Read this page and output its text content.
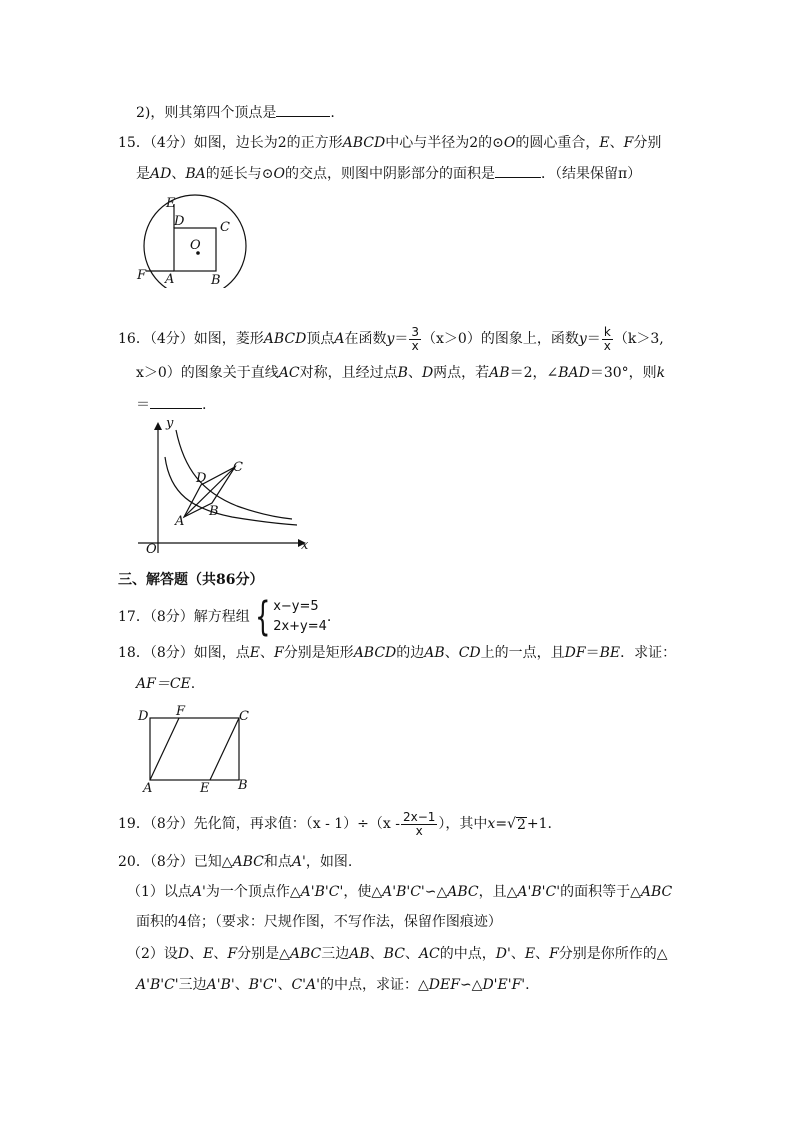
2)，则其第四个顶点是	.
15．（4分）如图，边长为2的正方形ABCD中心与半径为2的⊙O的圆心重合，E、F分别
是AD、BA的延长与⊙O的交点，则图中阴影部分的面积是	．（结果保留π）
E
D	C
O
F A	B
16．（4分）如图，菱形 ABCD 顶点 A 在函数 $y = \frac{3}{x} (x>0)$的图象上，函数 $y = \frac{k}{x} (k>3$,
x＞0）的图象关于直线AC对称，且经过点B、D两点，若AB＝2，∠BAD＝30°，则k
＝	.
y
D
C
B
A
O	x
三、解答题（共86分）
17．（8分）解方程组 { x−y=5
2x+y=4
.
18．（8分）如图，点E、F分别是矩形ABCD的边AB、CD上的一点，且DF＝BE．求证：
AF＝CE.
D F	C
A	E B
19．（8分）先化简，再求值：$(x - 1)\div(x - \frac{2x-1}{x}$ ），其中 x = √ 2 +1.
20．（8分）已知△ABC和点A'，如图.
（1）以点A'为一个顶点作△A'B'C'，使△A'B'C'∽△ABC，且△A'B'C'的面积等于△ABC
面积的4倍；（要求：尺规作图，不写作法，保留作图痕迹）
（2）设D、E、F分别是△ABC三边AB、BC、AC的中点，D'、E、F分别是你所作的△
A'B'C'三边A'B'、B'C'、C'A'的中点，求证：△DEF∽△D'E'F'.
